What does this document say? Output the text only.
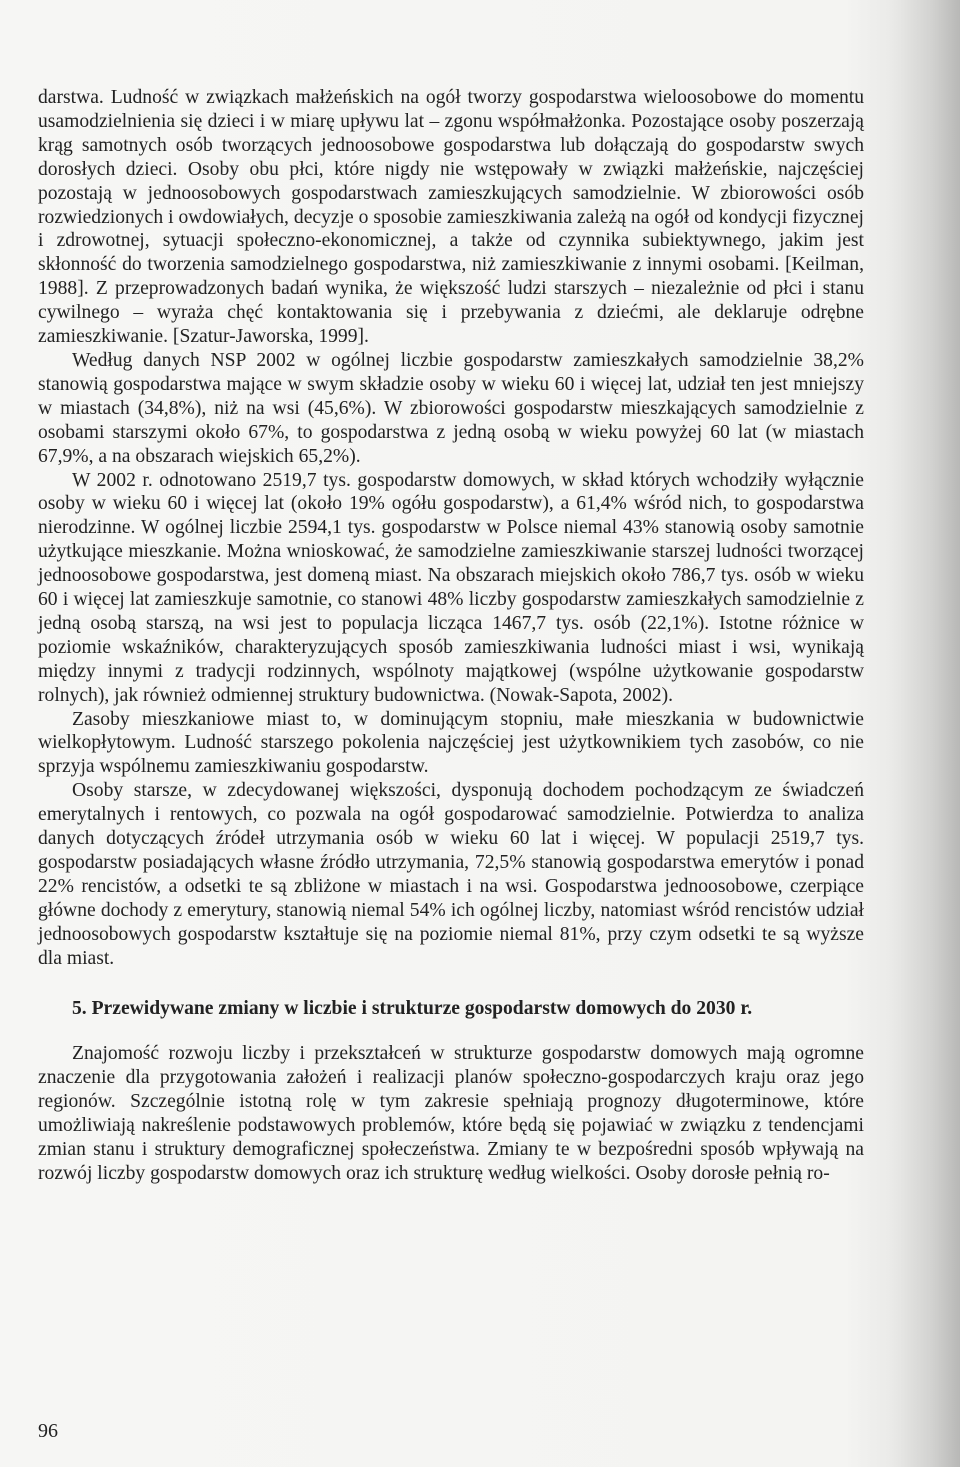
darstwa. Ludność w związkach małżeńskich na ogół tworzy gospodarstwa wieloosobowe do momentu usamodzielnienia się dzieci i w miarę upływu lat – zgonu współmałżonka. Pozostające osoby poszerzają krąg samotnych osób tworzących jednoosobowe gospodarstwa lub dołączają do gospodarstw swych dorosłych dzieci. Osoby obu płci, które nigdy nie wstępowały w związki małżeńskie, najczęściej pozostają w jednoosobowych gospodarstwach zamieszkujących samodzielnie. W zbiorowości osób rozwiedzionych i owdowiałych, decyzje o sposobie zamieszkiwania zależą na ogół od kondycji fizycznej i zdrowotnej, sytuacji społeczno-ekonomicznej, a także od czynnika subiektywnego, jakim jest skłonność do tworzenia samodzielnego gospodarstwa, niż zamieszkiwanie z innymi osobami. [Keilman, 1988]. Z przeprowadzonych badań wynika, że większość ludzi starszych – niezależnie od płci i stanu cywilnego – wyraża chęć kontaktowania się i przebywania z dziećmi, ale deklaruje odrębne zamieszkiwanie. [Szatur-Jaworska, 1999].

Według danych NSP 2002 w ogólnej liczbie gospodarstw zamieszkałych samodzielnie 38,2% stanowią gospodarstwa mające w swym składzie osoby w wieku 60 i więcej lat, udział ten jest mniejszy w miastach (34,8%), niż na wsi (45,6%). W zbiorowości gospodarstw mieszkających samodzielnie z osobami starszymi około 67%, to gospodarstwa z jedną osobą w wieku powyżej 60 lat (w miastach 67,9%, a na obszarach wiejskich 65,2%).

W 2002 r. odnotowano 2519,7 tys. gospodarstw domowych, w skład których wchodziły wyłącznie osoby w wieku 60 i więcej lat (około 19% ogółu gospodarstw), a 61,4% wśród nich, to gospodarstwa nierodzinne. W ogólnej liczbie 2594,1 tys. gospodarstw w Polsce niemal 43% stanowią osoby samotnie użytkujące mieszkanie. Można wnioskować, że samodzielne zamieszkiwanie starszej ludności tworzącej jednoosobowe gospodarstwa, jest domeną miast. Na obszarach miejskich około 786,7 tys. osób w wieku 60 i więcej lat zamieszkuje samotnie, co stanowi 48% liczby gospodarstw zamieszkałych samodzielnie z jedną osobą starszą, na wsi jest to populacja licząca 1467,7 tys. osób (22,1%). Istotne różnice w poziomie wskaźników, charakteryzujących sposób zamieszkiwania ludności miast i wsi, wynikają między innymi z tradycji rodzinnych, wspólnoty majątkowej (wspólne użytkowanie gospodarstw rolnych), jak również odmiennej struktury budownictwa. (Nowak-Sapota, 2002).

Zasoby mieszkaniowe miast to, w dominującym stopniu, małe mieszkania w budownictwie wielkopłytowym. Ludność starszego pokolenia najczęściej jest użytkownikiem tych zasobów, co nie sprzyja wspólnemu zamieszkiwaniu gospodarstw.

Osoby starsze, w zdecydowanej większości, dysponują dochodem pochodzącym ze świadczeń emerytalnych i rentowych, co pozwala na ogół gospodarować samodzielnie. Potwierdza to analiza danych dotyczących źródeł utrzymania osób w wieku 60 lat i więcej. W populacji 2519,7 tys. gospodarstw posiadających własne źródło utrzymania, 72,5% stanowią gospodarstwa emerytów i ponad 22% rencistów, a odsetki te są zbliżone w miastach i na wsi. Gospodarstwa jednoosobowe, czerpiące główne dochody z emerytury, stanowią niemal 54% ich ogólnej liczby, natomiast wśród rencistów udział jednoosobowych gospodarstw kształtuje się na poziomie niemal 81%, przy czym odsetki te są wyższe dla miast.

5. Przewidywane zmiany w liczbie i strukturze gospodarstw domowych do 2030 r.

Znajomość rozwoju liczby i przekształceń w strukturze gospodarstw domowych mają ogromne znaczenie dla przygotowania założeń i realizacji planów społeczno-gospodarczych kraju oraz jego regionów. Szczególnie istotną rolę w tym zakresie spełniają prognozy długoterminowe, które umożliwiają nakreślenie podstawowych problemów, które będą się pojawiać w związku z tendencjami zmian stanu i struktury demograficznej społeczeństwa. Zmiany te w bezpośredni sposób wpływają na rozwój liczby gospodarstw domowych oraz ich strukturę według wielkości. Osoby dorosłe pełnią ro-

96
